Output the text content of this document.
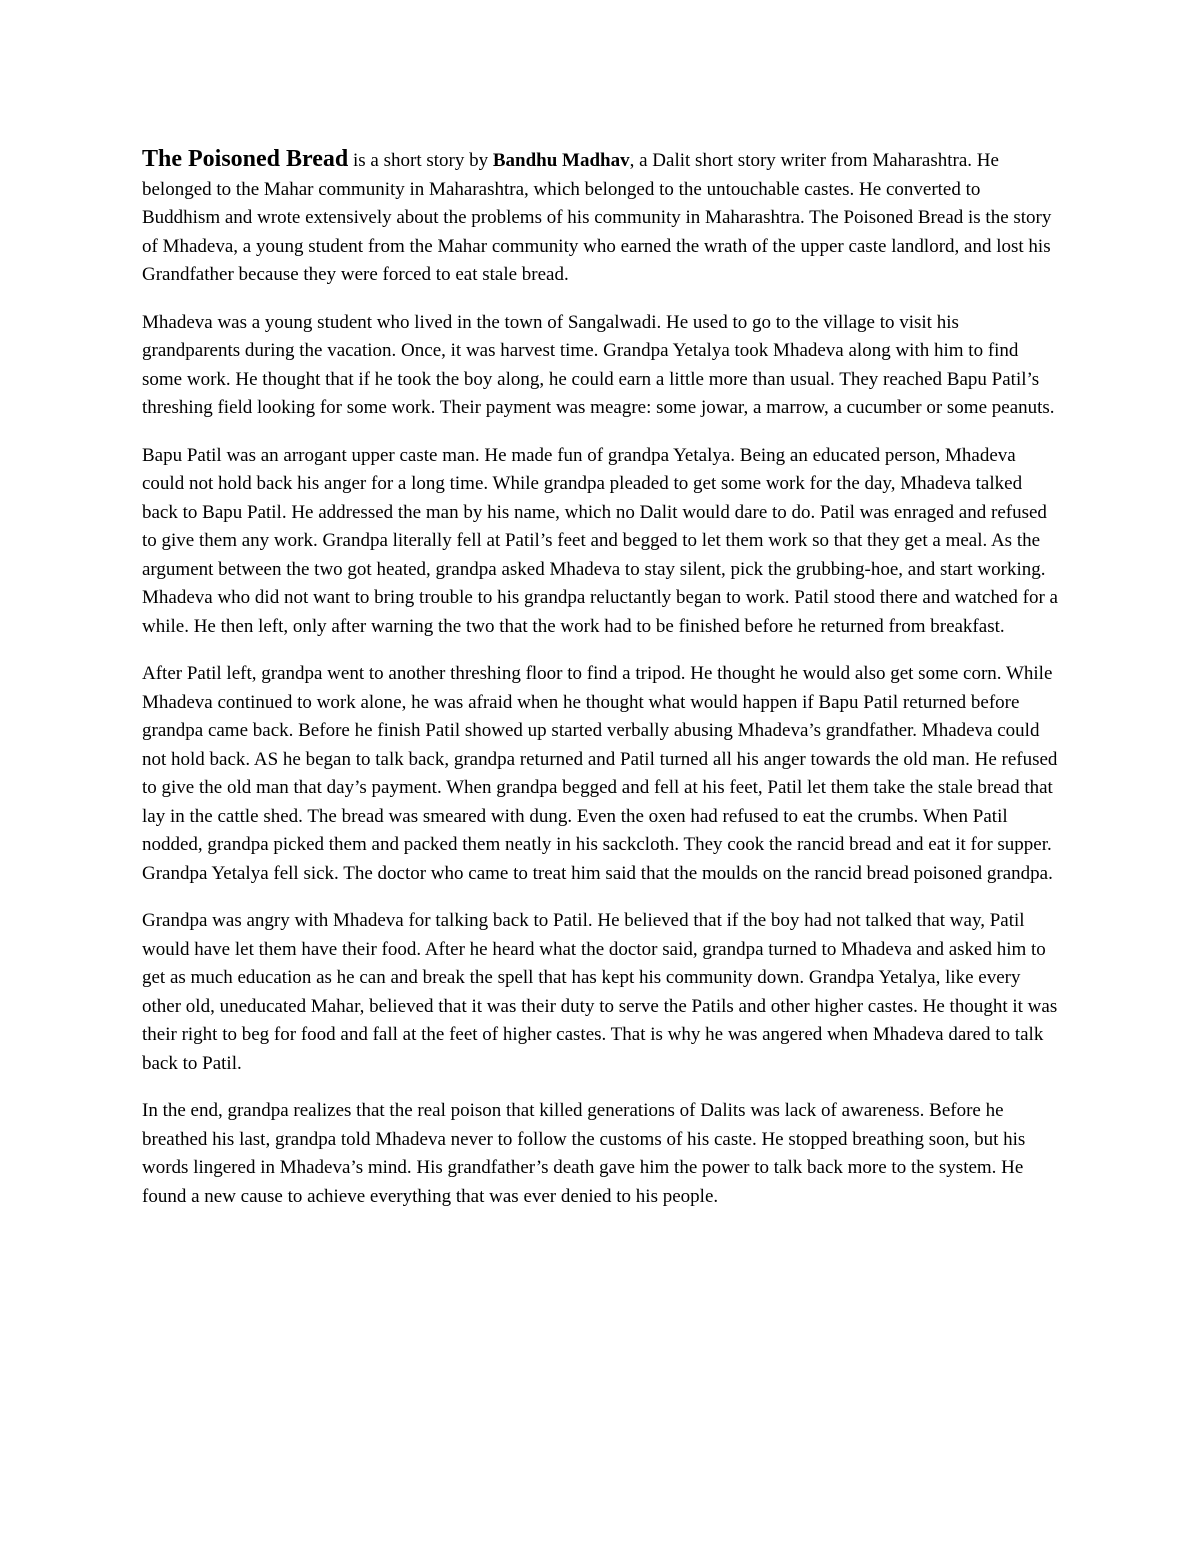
The Poisoned Bread is a short story by Bandhu Madhav, a Dalit short story writer from Maharashtra. He belonged to the Mahar community in Maharashtra, which belonged to the untouchable castes. He converted to Buddhism and wrote extensively about the problems of his community in Maharashtra. The Poisoned Bread is the story of Mhadeva, a young student from the Mahar community who earned the wrath of the upper caste landlord, and lost his Grandfather because they were forced to eat stale bread.

Mhadeva was a young student who lived in the town of Sangalwadi. He used to go to the village to visit his grandparents during the vacation. Once, it was harvest time. Grandpa Yetalya took Mhadeva along with him to find some work. He thought that if he took the boy along, he could earn a little more than usual. They reached Bapu Patil’s threshing field looking for some work. Their payment was meagre: some jowar, a marrow, a cucumber or some peanuts.

Bapu Patil was an arrogant upper caste man. He made fun of grandpa Yetalya. Being an educated person, Mhadeva could not hold back his anger for a long time. While grandpa pleaded to get some work for the day, Mhadeva talked back to Bapu Patil. He addressed the man by his name, which no Dalit would dare to do. Patil was enraged and refused to give them any work. Grandpa literally fell at Patil’s feet and begged to let them work so that they get a meal. As the argument between the two got heated, grandpa asked Mhadeva to stay silent, pick the grubbing-hoe, and start working. Mhadeva who did not want to bring trouble to his grandpa reluctantly began to work. Patil stood there and watched for a while. He then left, only after warning the two that the work had to be finished before he returned from breakfast.

After Patil left, grandpa went to another threshing floor to find a tripod. He thought he would also get some corn. While Mhadeva continued to work alone, he was afraid when he thought what would happen if Bapu Patil returned before grandpa came back. Before he finish Patil showed up started verbally abusing Mhadeva’s grandfather. Mhadeva could not hold back. AS he began to talk back, grandpa returned and Patil turned all his anger towards the old man. He refused to give the old man that day’s payment. When grandpa begged and fell at his feet, Patil let them take the stale bread that lay in the cattle shed. The bread was smeared with dung. Even the oxen had refused to eat the crumbs. When Patil nodded, grandpa picked them and packed them neatly in his sackcloth. They cook the rancid bread and eat it for supper. Grandpa Yetalya fell sick. The doctor who came to treat him said that the moulds on the rancid bread poisoned grandpa.

Grandpa was angry with Mhadeva for talking back to Patil. He believed that if the boy had not talked that way, Patil would have let them have their food. After he heard what the doctor said, grandpa turned to Mhadeva and asked him to get as much education as he can and break the spell that has kept his community down. Grandpa Yetalya, like every other old, uneducated Mahar, believed that it was their duty to serve the Patils and other higher castes. He thought it was their right to beg for food and fall at the feet of higher castes. That is why he was angered when Mhadeva dared to talk back to Patil.

In the end, grandpa realizes that the real poison that killed generations of Dalits was lack of awareness. Before he breathed his last, grandpa told Mhadeva never to follow the customs of his caste. He stopped breathing soon, but his words lingered in Mhadeva’s mind. His grandfather’s death gave him the power to talk back more to the system. He found a new cause to achieve everything that was ever denied to his people.
